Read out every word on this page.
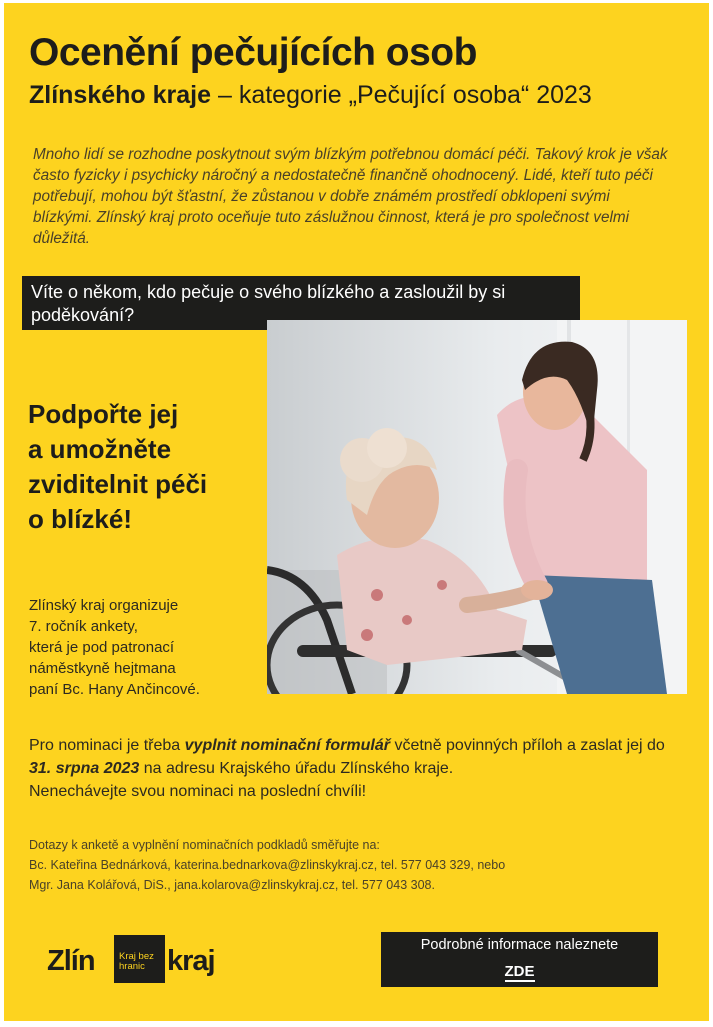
Ocenění pečujících osob
Zlínského kraje – kategorie „Pečující osoba“ 2023
Mnoho lidí se rozhodne poskytnout svým blízkým potřebnou domácí péči. Takový krok je však často fyzicky i psychicky náročný a nedostatečně finančně ohodnocený. Lidé, kteří tuto péči potřebují, mohou být šťastní, že zůstanou v dobře známém prostředí obklopeni svými blízkými. Zlínský kraj proto oceňuje tuto záslužnou činnost, která je pro společnost velmi důležitá.
Víte o někom, kdo pečuje o svého blízkého a zasloužil by si poděkování?
Podpořte jej
a umožněte
zviditelnit péči
o blízké!
Zlínský kraj organizuje
7. ročník ankety,
která je pod patronací
náměstkyně hejtmana
paní Bc. Hany Ančincové.
Pro nominaci je třeba vyplnit nominační formulář včetně povinných příloh a zaslat jej do 31. srpna 2023 na adresu Krajského úřadu Zlínského kraje.
Nenechávejte svou nominaci na poslední chvíli!
Dotazy k anketě a vyplnění nominačních podkladů směřujte na:
Bc. Kateřina Bednárková, katerina.bednarkova@zlinskykraj.cz, tel. 577 043 329, nebo
Mgr. Jana Kolářová, DiS., jana.kolarova@zlinskykraj.cz, tel. 577 043 308.
Zlín	Kraj bez
hranic kraj	Podrobné informace naleznete
ZDE
